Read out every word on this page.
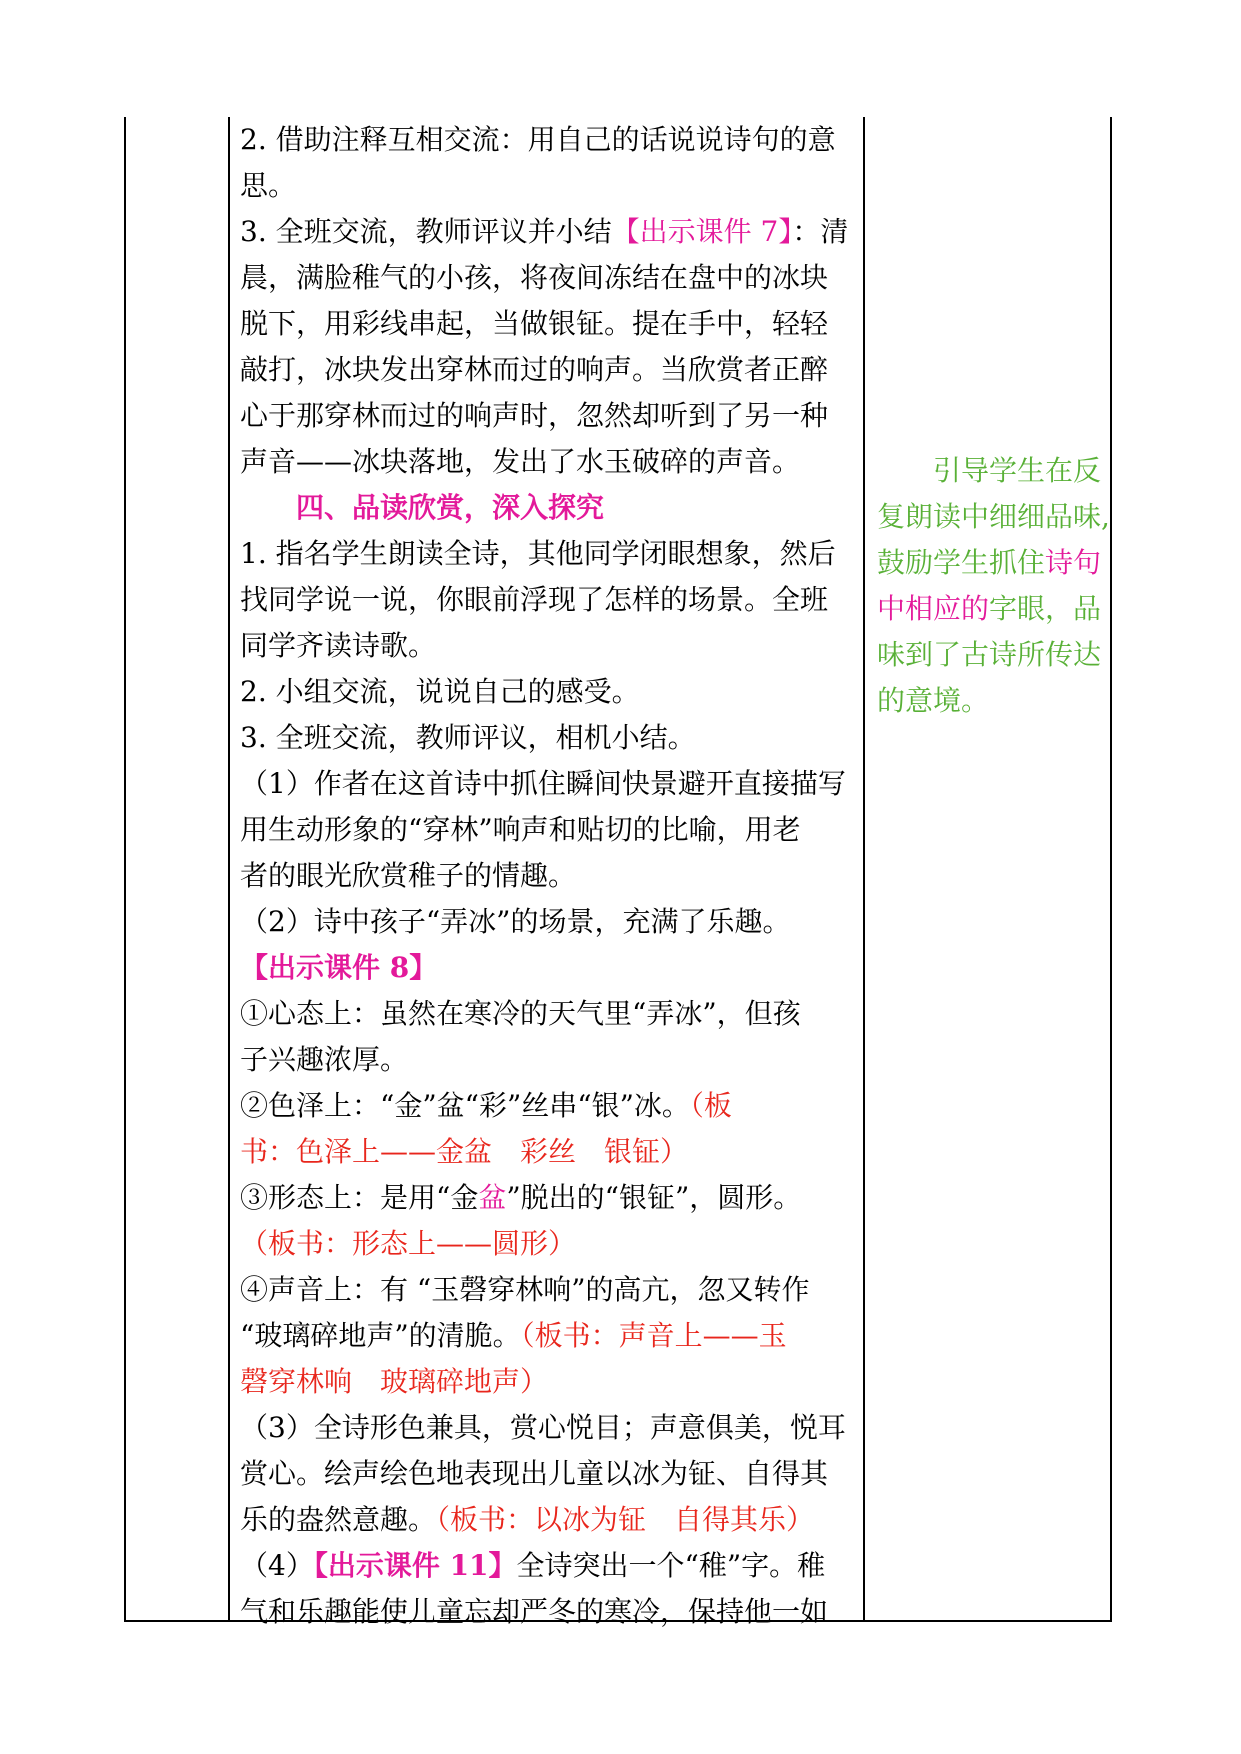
2. 借助注释互相交流：用自己的话说说诗句的意

思。

3. 全班交流，教师评议并小结【出示课件 7】：清

晨，满脸稚气的小孩，将夜间冻结在盘中的冰块

脱下，用彩线串起，当做银钲。提在手中，轻轻

敲打，冰块发出穿林而过的响声。当欣赏者正醉

心于那穿林而过的响声时，忽然却听到了另一种

声音——冰块落地，发出了水玉破碎的声音。

四、品读欣赏，深入探究

1. 指名学生朗读全诗，其他同学闭眼想象，然后

找同学说一说，你眼前浮现了怎样的场景。全班

同学齐读诗歌。

2. 小组交流，说说自己的感受。

3. 全班交流，教师评议，相机小结。

（1）作者在这首诗中抓住瞬间快景避开直接描写

用生动形象的“穿林”响声和贴切的比喻，用老

者的眼光欣赏稚子的情趣。

（2）诗中孩子“弄冰”的场景，充满了乐趣。

【出示课件 8】

①心态上：虽然在寒冷的天气里“弄冰”，但孩

子兴趣浓厚。

②色泽上：“金”盆“彩”丝串“银”冰。（板

书：色泽上——金盆　彩丝　银钲）

③形态上：是用“金盆”脱出的“银钲”，圆形。

（板书：形态上——圆形）

④声音上：有 “玉磬穿林响”的高亢，忽又转作

“玻璃碎地声”的清脆。（板书：声音上——玉

磬穿林响　玻璃碎地声）

（3）全诗形色兼具，赏心悦目；声意俱美，悦耳

赏心。绘声绘色地表现出儿童以冰为钲、自得其

乐的盎然意趣。（板书：以冰为钲　自得其乐）

（4）【出示课件 11】全诗突出一个“稚”字。稚

气和乐趣能使儿童忘却严冬的寒冷，保持他一如

引导学生在反

复朗读中细细品味,

鼓励学生抓住诗句

中相应的字眼，品

味到了古诗所传达

的意境。
